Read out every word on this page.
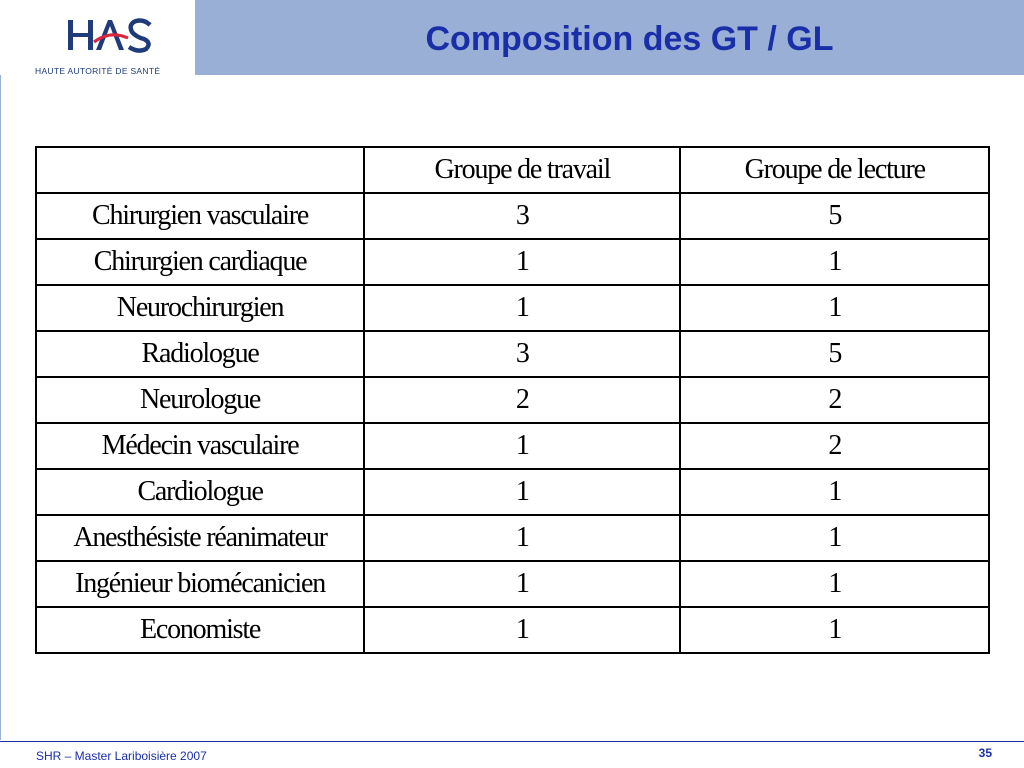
HAUTE AUTORITÉ DE SANTÉ
Composition des GT / GL
	Groupe de travail	Groupe de lecture
Chirurgien vasculaire	3	5
Chirurgien cardiaque	1	1
Neurochirurgien	1	1
Radiologue	3	5
Neurologue	2	2
Médecin vasculaire	1	2
Cardiologue	1	1
Anesthésiste réanimateur	1	1
Ingénieur biomécanicien	1	1
Economiste	1	1
SHR – Master Lariboisière 2007	35
